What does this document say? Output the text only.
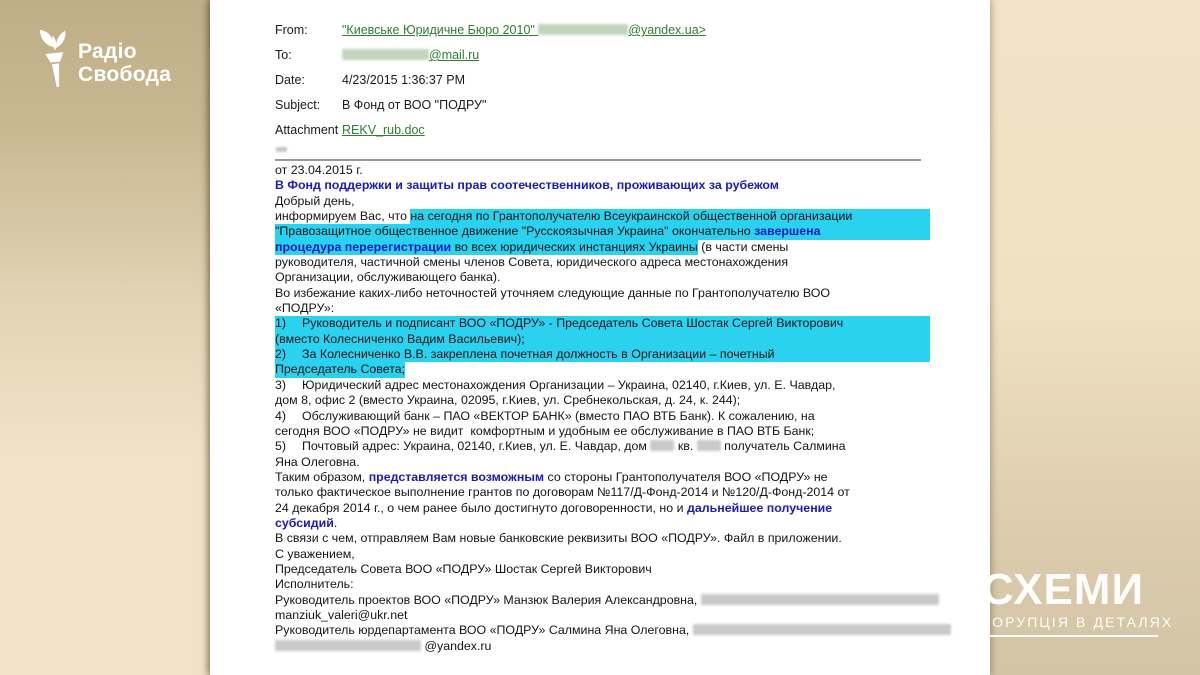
Радіо
Свобода
СХЕМИ
КОРУПЦІЯ В ДЕТАЛЯХ
From:	"Киевське Юридичне Бюро 2010"	@yandex.ua>
To:	@mail.ru
Date:	4/23/2015 1:36:37 PM
Subject: В Фонд от ВОО "ПОДРУ"
Attachment REKV_rub.doc
от 23.04.2015 г.
В Фонд поддержки и защиты прав соотечественников, проживающих за рубежом
Добрый день,
информируем Вас, что на сегодня по Грантополучателю Всеукраинской общественной организации
"Правозащитное общественное движение "Русскоязычная Украина" окончательно завершена
процедура перерегистрации во всех юридических инстанциях Украины (в части смены
руководителя, частичной смены членов Совета, юридического адреса местонахождения
Организации, обслуживающего банка).
Во избежание каких-либо неточностей уточняем следующие данные по Грантополучателю ВОО
«ПОДРУ»:
1) Руководитель и подписант ВОО «ПОДРУ» - Председатель Совета Шостак Сергей Викторович
(вместо Колесниченко Вадим Васильевич);
2) За Колесниченко В.В. закреплена почетная должность в Организации – почетный
Председатель Совета;
3) Юридический адрес местонахождения Организации – Украина, 02140, г.Киев, ул. Е. Чавдар,
дом 8, офис 2 (вместо Украина, 02095, г.Киев, ул. Сребнекольская, д. 24, к. 244);
4) Обслуживающий банк – ПАО «ВЕКТОР БАНК» (вместо ПАО ВТБ Банк). К сожалению, на
сегодня ВОО «ПОДРУ» не видит  комфортным и удобным ее обслуживание в ПАО ВТБ Банк;
5) Почтовый адрес: Украина, 02140, г.Киев, ул. Е. Чавдар, дом  кв.  получатель Салмина
Яна Олеговна.
Таким образом, представляется возможным со стороны Грантополучателя ВОО «ПОДРУ» не
только фактическое выполнение грантов по договорам №117/Д-Фонд-2014 и №120/Д-Фонд-2014 от
24 декабря 2014 г., о чем ранее было достигнуто договоренности, но и дальнейшее получение
субсидий.
В связи с чем, отправляем Вам новые банковские реквизиты ВОО «ПОДРУ». Файл в приложении.
С уважением,
Председатель Совета ВОО «ПОДРУ» Шостак Сергей Викторович
Исполнитель:
Руководитель проектов ВОО «ПОДРУ» Манзюк Валерия Александровна,
manziuk_valeri@ukr.net
Руководитель юрдепартамента ВОО «ПОДРУ» Салмина Яна Олеговна,
@yandex.ru
